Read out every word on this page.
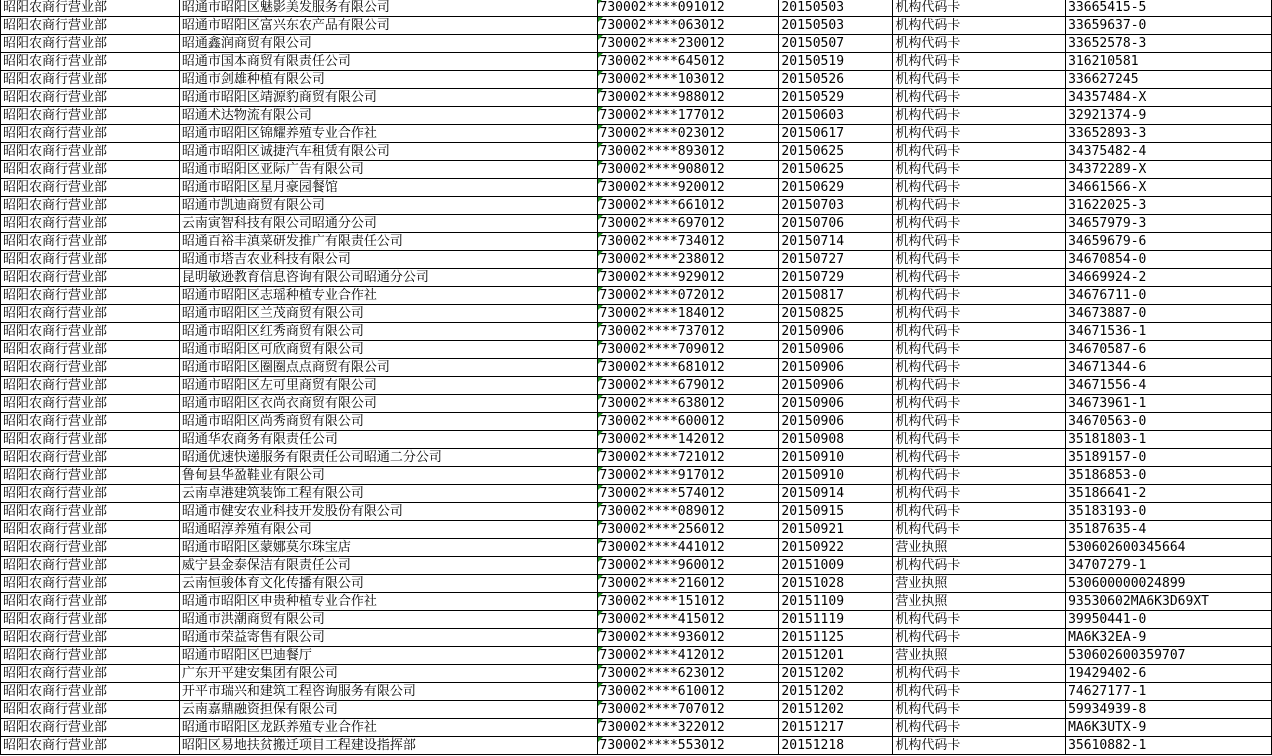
昭阳农商行营业部	昭通市昭阳区魅影美发服务有限公司	730002****091012	20150503	机构代码卡	33665415-5
昭阳农商行营业部	昭通市昭阳区富兴东农产品有限公司	730002****063012	20150503	机构代码卡	33659637-0
昭阳农商行营业部	昭通鑫润商贸有限公司	730002****230012	20150507	机构代码卡	33652578-3
昭阳农商行营业部	昭通市国本商贸有限责任公司	730002****645012	20150519	机构代码卡	316210581
昭阳农商行营业部	昭通市剑雄种植有限公司	730002****103012	20150526	机构代码卡	336627245
昭阳农商行营业部	昭通市昭阳区靖源豹商贸有限公司	730002****988012	20150529	机构代码卡	34357484-X
昭阳农商行营业部	昭通术达物流有限公司	730002****177012	20150603	机构代码卡	32921374-9
昭阳农商行营业部	昭通市昭阳区锦耀养殖专业合作社	730002****023012	20150617	机构代码卡	33652893-3
昭阳农商行营业部	昭通市昭阳区诚捷汽车租赁有限公司	730002****893012	20150625	机构代码卡	34375482-4
昭阳农商行营业部	昭通市昭阳区亚际广告有限公司	730002****908012	20150625	机构代码卡	34372289-X
昭阳农商行营业部	昭通市昭阳区星月豪园餐馆	730002****920012	20150629	机构代码卡	34661566-X
昭阳农商行营业部	昭通市凯迪商贸有限公司	730002****661012	20150703	机构代码卡	31622025-3
昭阳农商行营业部	云南寅智科技有限公司昭通分公司	730002****697012	20150706	机构代码卡	34657979-3
昭阳农商行营业部	昭通百裕丰滇菜研发推广有限责任公司	730002****734012	20150714	机构代码卡	34659679-6
昭阳农商行营业部	昭通市塔吉农业科技有限公司	730002****238012	20150727	机构代码卡	34670854-0
昭阳农商行营业部	昆明敏逊教育信息咨询有限公司昭通分公司	730002****929012	20150729	机构代码卡	34669924-2
昭阳农商行营业部	昭通市昭阳区志瑶种植专业合作社	730002****072012	20150817	机构代码卡	34676711-0
昭阳农商行营业部	昭通市昭阳区兰茂商贸有限公司	730002****184012	20150825	机构代码卡	34673887-0
昭阳农商行营业部	昭通市昭阳区红秀商贸有限公司	730002****737012	20150906	机构代码卡	34671536-1
昭阳农商行营业部	昭通市昭阳区可欣商贸有限公司	730002****709012	20150906	机构代码卡	34670587-6
昭阳农商行营业部	昭通市昭阳区圈圈点点商贸有限公司	730002****681012	20150906	机构代码卡	34671344-6
昭阳农商行营业部	昭通市昭阳区左可里商贸有限公司	730002****679012	20150906	机构代码卡	34671556-4
昭阳农商行营业部	昭通市昭阳区衣尚衣商贸有限公司	730002****638012	20150906	机构代码卡	34673961-1
昭阳农商行营业部	昭通市昭阳区尚秀商贸有限公司	730002****600012	20150906	机构代码卡	34670563-0
昭阳农商行营业部	昭通华农商务有限责任公司	730002****142012	20150908	机构代码卡	35181803-1
昭阳农商行营业部	昭通优速快递服务有限责任公司昭通二分公司	730002****721012	20150910	机构代码卡	35189157-0
昭阳农商行营业部	鲁甸县华盈鞋业有限公司	730002****917012	20150910	机构代码卡	35186853-0
昭阳农商行营业部	云南卓港建筑装饰工程有限公司	730002****574012	20150914	机构代码卡	35186641-2
昭阳农商行营业部	昭通市健安农业科技开发股份有限公司	730002****089012	20150915	机构代码卡	35183193-0
昭阳农商行营业部	昭通昭淳养殖有限公司	730002****256012	20150921	机构代码卡	35187635-4
昭阳农商行营业部	昭通市昭阳区蒙娜莫尔珠宝店	730002****441012	20150922	营业执照	530602600345664
昭阳农商行营业部	威宁县金泰保洁有限责任公司	730002****960012	20151009	机构代码卡	34707279-1
昭阳农商行营业部	云南恒骏体育文化传播有限公司	730002****216012	20151028	营业执照	530600000024899
昭阳农商行营业部	昭通市昭阳区申贵种植专业合作社	730002****151012	20151109	营业执照	93530602MA6K3D69XT
昭阳农商行营业部	昭通市洪潮商贸有限公司	730002****415012	20151119	机构代码卡	39950441-0
昭阳农商行营业部	昭通市荣益寄售有限公司	730002****936012	20151125	机构代码卡	MA6K32EA-9
昭阳农商行营业部	昭通市昭阳区巴迪餐厅	730002****412012	20151201	营业执照	530602600359707
昭阳农商行营业部	广东开平建安集团有限公司	730002****623012	20151202	机构代码卡	19429402-6
昭阳农商行营业部	开平市瑞兴和建筑工程咨询服务有限公司	730002****610012	20151202	机构代码卡	74627177-1
昭阳农商行营业部	云南嘉鼎融资担保有限公司	730002****707012	20151202	机构代码卡	59934939-8
昭阳农商行营业部	昭通市昭阳区龙跃养殖专业合作社	730002****322012	20151217	机构代码卡	MA6K3UTX-9
昭阳农商行营业部	昭阳区易地扶贫搬迁项目工程建设指挥部	730002****553012	20151218	机构代码卡	35610882-1
